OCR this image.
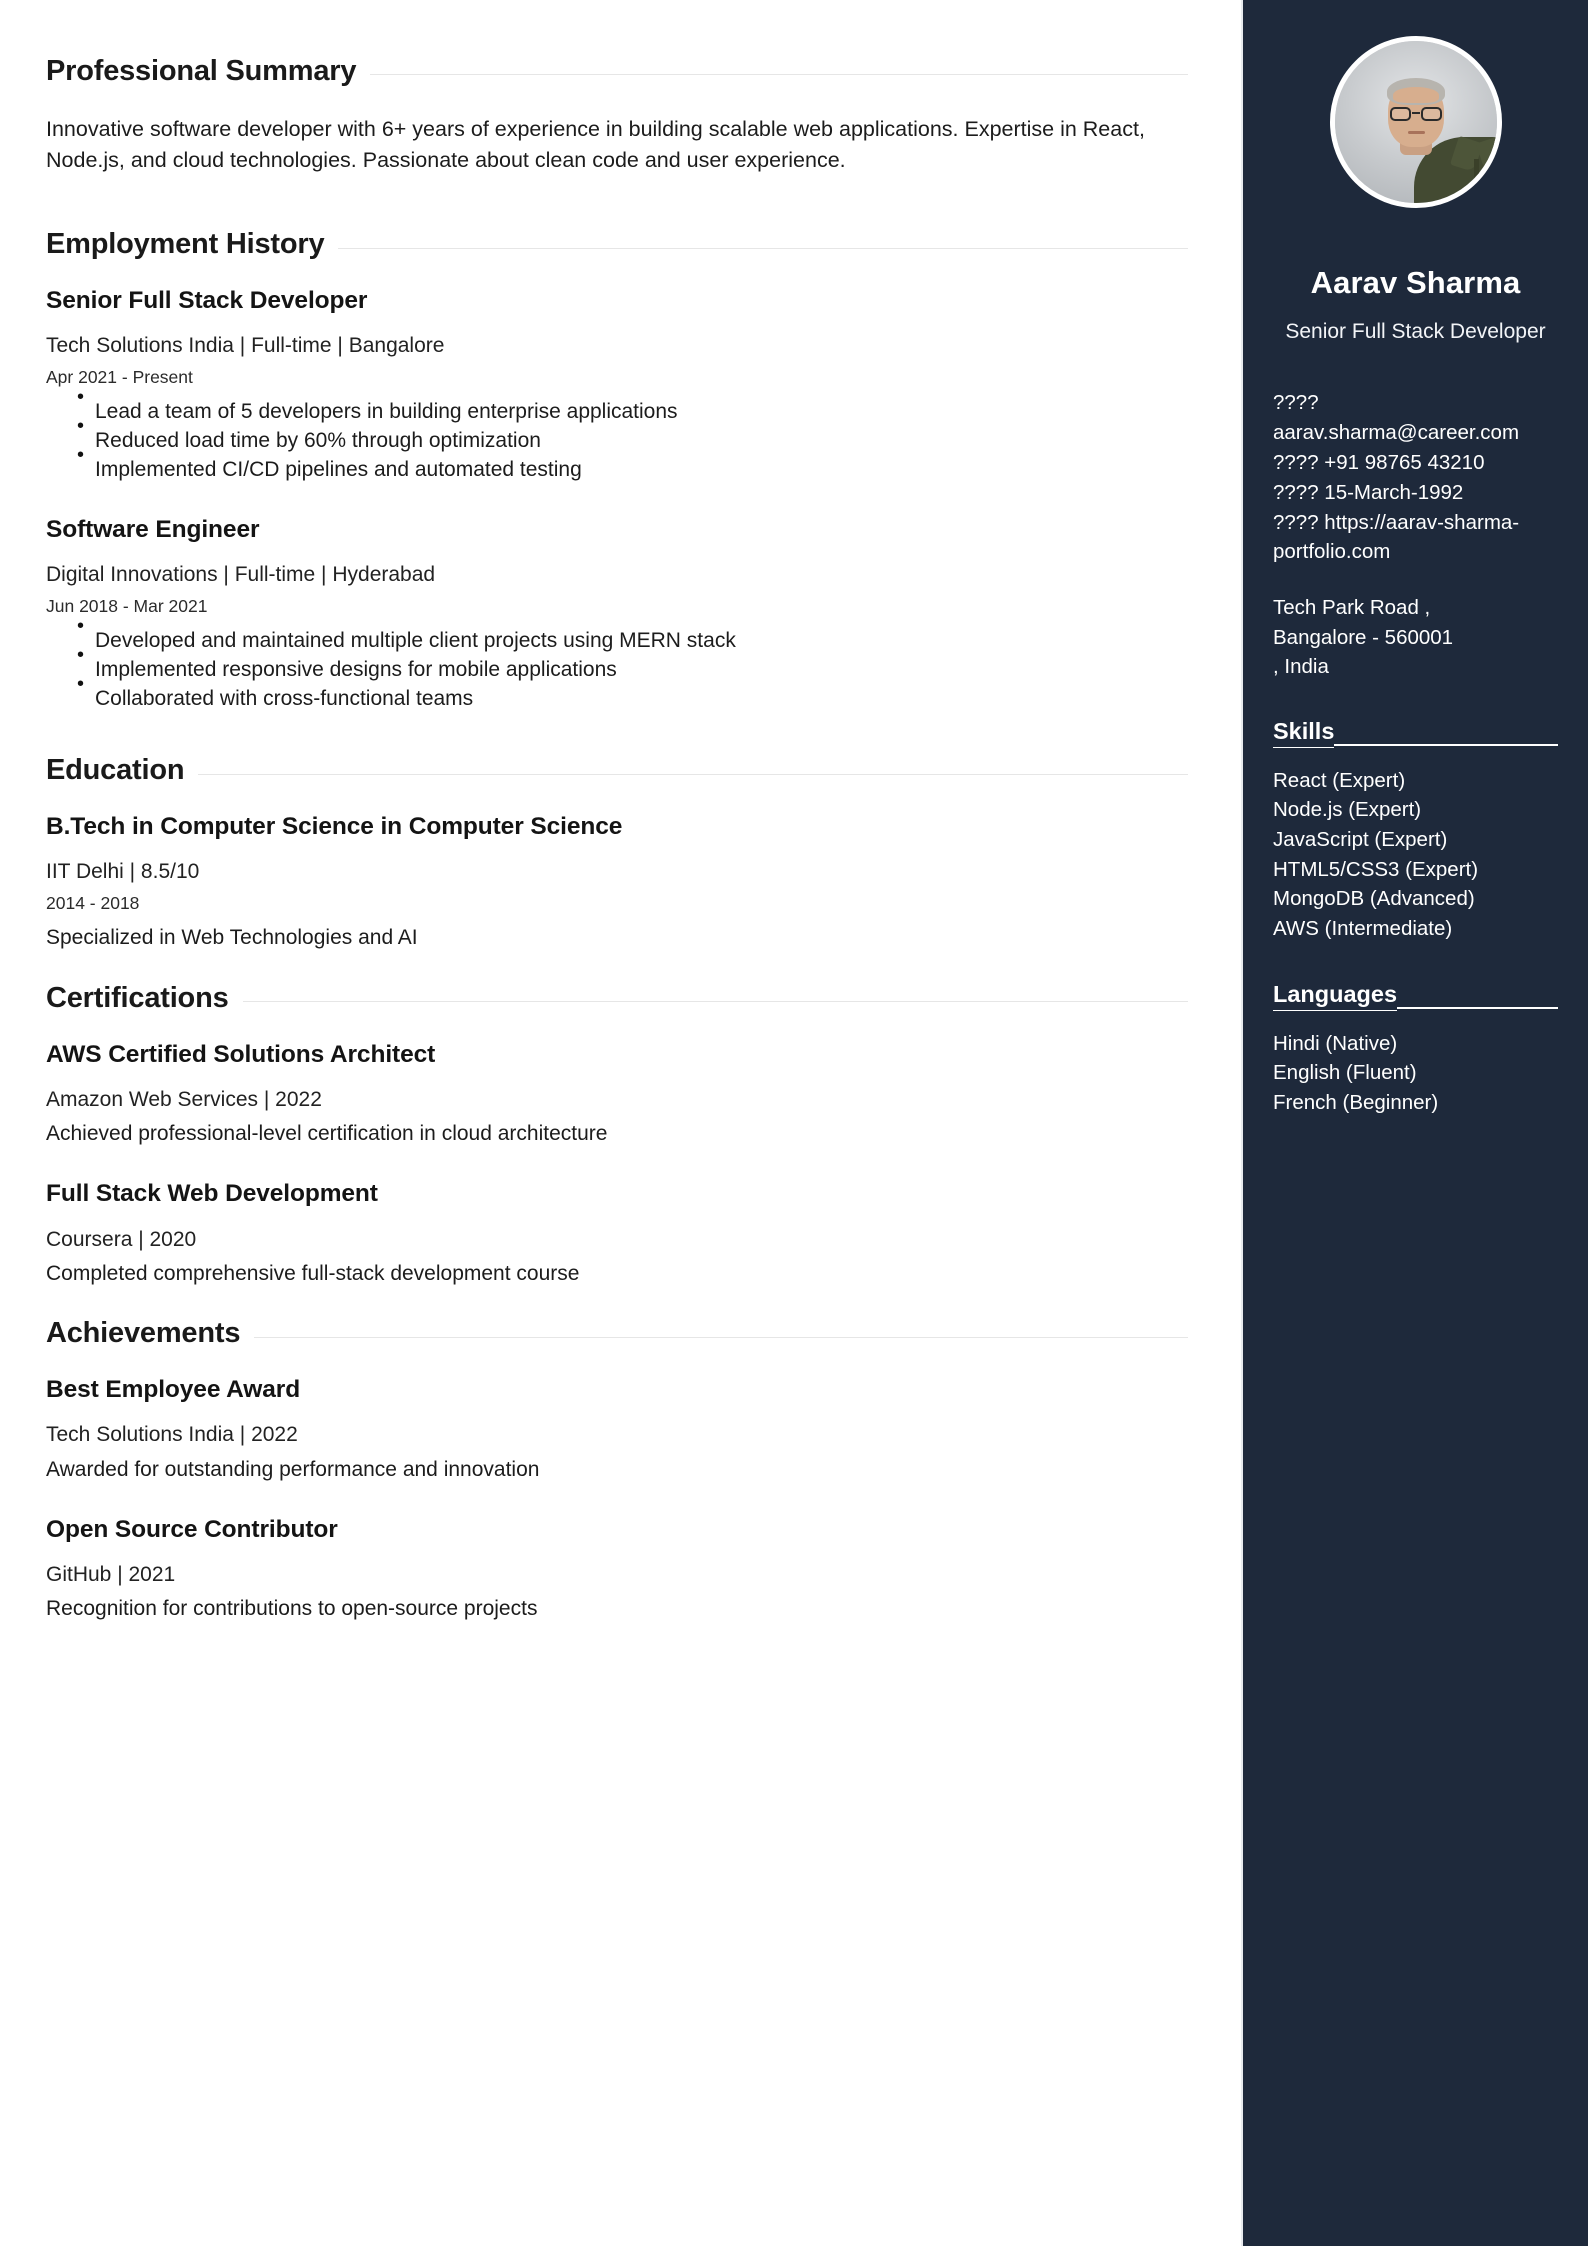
Professional Summary

Innovative software developer with 6+ years of experience in building scalable web applications. Expertise in React, Node.js, and cloud technologies. Passionate about clean code and user experience.

Employment History
Senior Full Stack Developer
Tech Solutions India | Full-time | Bangalore
Apr 2021 - Present
• Lead a team of 5 developers in building enterprise applications
• Reduced load time by 60% through optimization
• Implemented CI/CD pipelines and automated testing
Software Engineer
Digital Innovations | Full-time | Hyderabad
Jun 2018 - Mar 2021
• Developed and maintained multiple client projects using MERN stack
• Implemented responsive designs for mobile applications
• Collaborated with cross-functional teams
Education
B.Tech in Computer Science in Computer Science
IIT Delhi | 8.5/10
2014 - 2018
Specialized in Web Technologies and AI
Certifications
AWS Certified Solutions Architect
Amazon Web Services | 2022
Achieved professional-level certification in cloud architecture
Full Stack Web Development
Coursera | 2020
Completed comprehensive full-stack development course
Achievements
Best Employee Award
Tech Solutions India | 2022
Awarded for outstanding performance and innovation
Open Source Contributor
GitHub | 2021
Recognition for contributions to open-source projects
Aarav Sharma
Senior Full Stack Developer
????
aarav.sharma@career.com
???? +91 98765 43210
???? 15-March-1992
???? https://aarav-sharma-portfolio.com
Tech Park Road ,
Bangalore - 560001
, India
Skills
React (Expert)
Node.js (Expert)
JavaScript (Expert)
HTML5/CSS3 (Expert)
MongoDB (Advanced)
AWS (Intermediate)
Languages
Hindi (Native)
English (Fluent)
French (Beginner)
